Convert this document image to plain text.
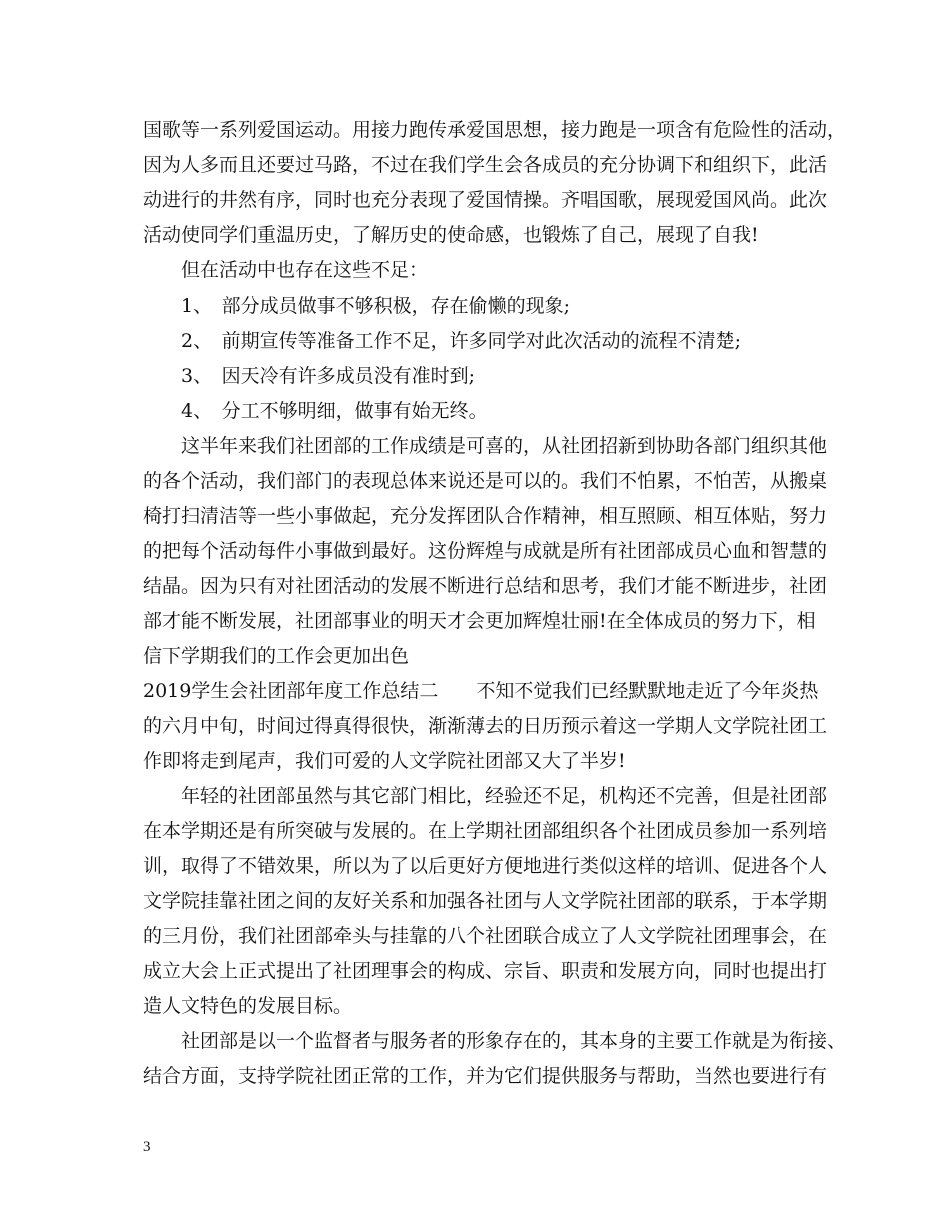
国歌等一系列爱国运动。用接力跑传承爱国思想，接力跑是一项含有危险性的活动，
因为人多而且还要过马路，不过在我们学生会各成员的充分协调下和组织下，此活
动进行的井然有序，同时也充分表现了爱国情操。齐唱国歌，展现爱国风尚。此次
活动使同学们重温历史，了解历史的使命感，也锻炼了自己，展现了自我!
　　但在活动中也存在这些不足：
　　1、　部分成员做事不够积极，存在偷懒的现象;
　　2、　前期宣传等准备工作不足，许多同学对此次活动的流程不清楚;
　　3、　因天冷有许多成员没有准时到;
　　4、　分工不够明细，做事有始无终。
　　这半年来我们社团部的工作成绩是可喜的，从社团招新到协助各部门组织其他
的各个活动，我们部门的表现总体来说还是可以的。我们不怕累，不怕苦，从搬桌
椅打扫清洁等一些小事做起，充分发挥团队合作精神，相互照顾、相互体贴，努力
的把每个活动每件小事做到最好。这份辉煌与成就是所有社团部成员心血和智慧的
结晶。因为只有对社团活动的发展不断进行总结和思考，我们才能不断进步，社团
部才能不断发展，社团部事业的明天才会更加辉煌壮丽!在全体成员的努力下，相
信下学期我们的工作会更加出色
2019学生会社团部年度工作总结二　　不知不觉我们已经默默地走近了今年炎热
的六月中旬，时间过得真得很快，渐渐薄去的日历预示着这一学期人文学院社团工
作即将走到尾声，我们可爱的人文学院社团部又大了半岁!
　　年轻的社团部虽然与其它部门相比，经验还不足，机构还不完善，但是社团部
在本学期还是有所突破与发展的。在上学期社团部组织各个社团成员参加一系列培
训，取得了不错效果，所以为了以后更好方便地进行类似这样的培训、促进各个人
文学院挂靠社团之间的友好关系和加强各社团与人文学院社团部的联系，于本学期
的三月份，我们社团部牵头与挂靠的八个社团联合成立了人文学院社团理事会，在
成立大会上正式提出了社团理事会的构成、宗旨、职责和发展方向，同时也提出打
造人文特色的发展目标。
　　社团部是以一个监督者与服务者的形象存在的，其本身的主要工作就是为衔接、
结合方面，支持学院社团正常的工作，并为它们提供服务与帮助，当然也要进行有
3
